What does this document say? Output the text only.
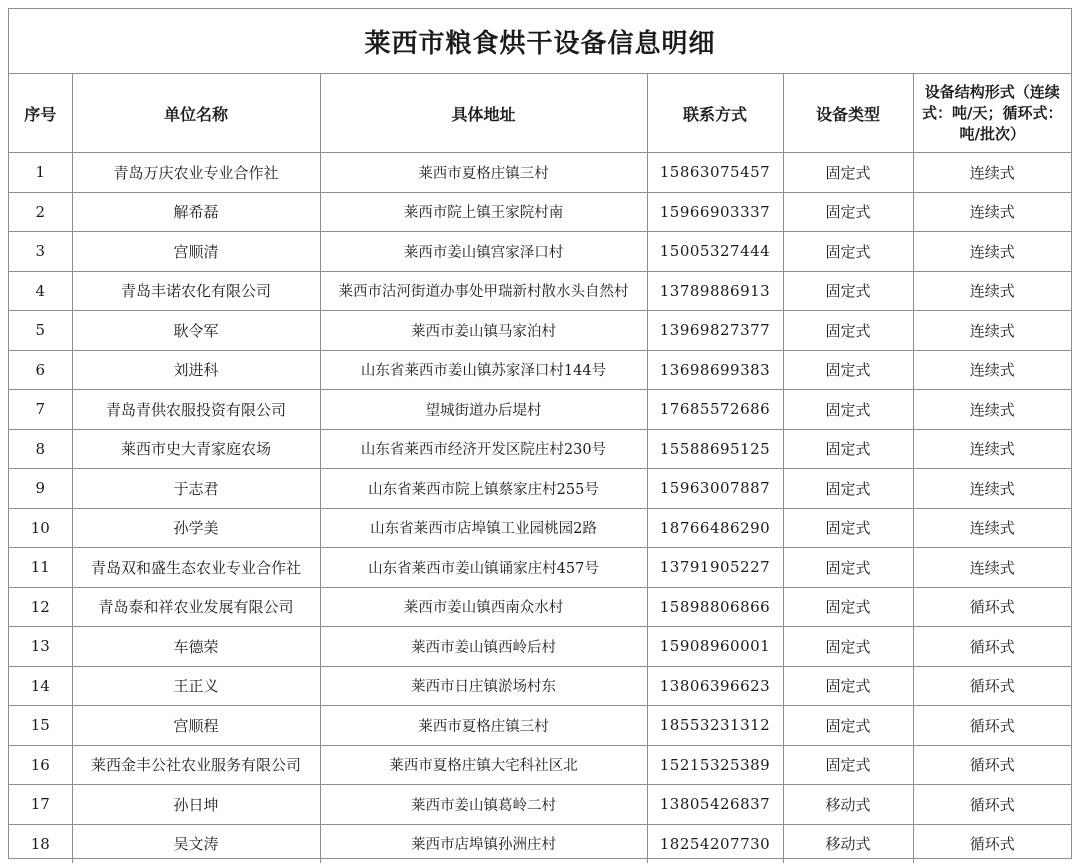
莱西市粮食烘干设备信息明细
序号	单位名称	具体地址	联系方式	设备类型	设备结构形式（连续式：吨/天；循环式：吨/批次）
1	青岛万庆农业专业合作社	莱西市夏格庄镇三村	15863075457	固定式	连续式
2	解希磊	莱西市院上镇王家院村南	15966903337	固定式	连续式
3	宫顺清	莱西市姜山镇宫家泽口村	15005327444	固定式	连续式
4	青岛丰诺农化有限公司	莱西市沽河街道办事处甲瑞新村散水头自然村	13789886913	固定式	连续式
5	耿令军	莱西市姜山镇马家泊村	13969827377	固定式	连续式
6	刘进科	山东省莱西市姜山镇苏家泽口村144号	13698699383	固定式	连续式
7	青岛青供农服投资有限公司	望城街道办后堤村	17685572686	固定式	连续式
8	莱西市史大青家庭农场	山东省莱西市经济开发区院庄村230号	15588695125	固定式	连续式
9	于志君	山东省莱西市院上镇蔡家庄村255号	15963007887	固定式	连续式
10	孙学美	山东省莱西市店埠镇工业园桃园2路	18766486290	固定式	连续式
11	青岛双和盛生态农业专业合作社	山东省莱西市姜山镇诵家庄村457号	13791905227	固定式	连续式
12	青岛泰和祥农业发展有限公司	莱西市姜山镇西南众水村	15898806866	固定式	循环式
13	车德荣	莱西市姜山镇西岭后村	15908960001	固定式	循环式
14	王正义	莱西市日庄镇淤场村东	13806396623	固定式	循环式
15	宫顺程	莱西市夏格庄镇三村	18553231312	固定式	循环式
16	莱西金丰公社农业服务有限公司	莱西市夏格庄镇大宅科社区北	15215325389	固定式	循环式
17	孙日坤	莱西市姜山镇葛岭二村	13805426837	移动式	循环式
18	吴文涛	莱西市店埠镇孙洲庄村	18254207730	移动式	循环式
